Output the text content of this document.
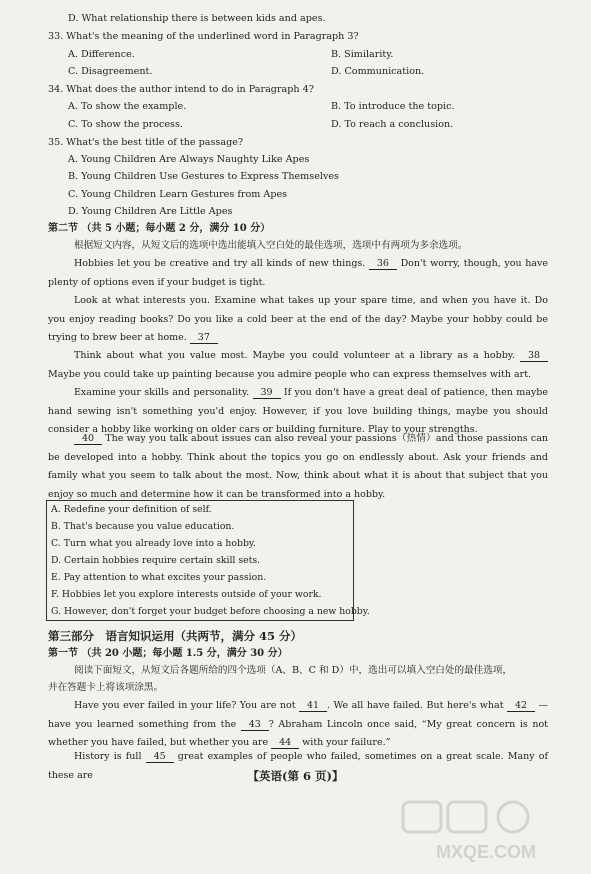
D. What relationship there is between kids and apes.
33. What's the meaning of the underlined word in Paragraph 3?
A. Difference.	B. Similarity.
C. Disagreement.	D. Communication.
34. What does the author intend to do in Paragraph 4?
A. To show the example.	B. To introduce the topic.
C. To show the process.	D. To reach a conclusion.
35. What's the best title of the passage?
A. Young Children Are Always Naughty Like Apes
B. Young Children Use Gestures to Express Themselves
C. Young Children Learn Gestures from Apes
D. Young Children Are Little Apes
第二节 （共 5 小题；每小题 2 分，满分 10 分）
根据短文内容，从短文后的选项中选出能填入空白处的最佳选项，选项中有两项为多余选项。
Hobbies let you be creative and try all kinds of new things. 36 Don't worry, though, you have plenty of options even if your budget is tight.
Look at what interests you. Examine what takes up your spare time, and when you have it. Do you enjoy reading books? Do you like a cold beer at the end of the day? Maybe your hobby could be trying to brew beer at home. 37
Think about what you value most. Maybe you could volunteer at a library as a hobby. 38 Maybe you could take up painting because you admire people who can express themselves with art.
Examine your skills and personality. 39 If you don't have a great deal of patience, then maybe hand sewing isn't something you'd enjoy. However, if you love building things, maybe you should consider a hobby like working on older cars or building furniture. Play to your strengths.
40 The way you talk about issues can also reveal your passions（热情）and those passions can be developed into a hobby. Think about the topics you go on endlessly about. Ask your friends and family what you seem to talk about the most. Now, think about what it is about that subject that you enjoy so much and determine how it can be transformed into a hobby.
A. Redefine your definition of self.
B. That's because you value education.
C. Turn what you already love into a hobby.
D. Certain hobbies require certain skill sets.
E. Pay attention to what excites your passion.
F. Hobbies let you explore interests outside of your work.
G. However, don't forget your budget before choosing a new hobby.
第三部分　语言知识运用（共两节，满分 45 分）
第一节 （共 20 小题；每小题 1.5 分，满分 30 分）
阅读下面短文，从短文后各题所给的四个选项（A、B、C 和 D）中，选出可以填入空白处的最佳选项，
并在答题卡上将该项涂黑。
Have you ever failed in your life? You are not 41 . We all have failed. But here's what 42 —have you learned something from the 43 ? Abraham Lincoln once said, “My great concern is not whether you have failed, but whether you are 44 with your failure.”
History is full 45 great examples of people who failed, sometimes on a great scale. Many of these are	【英语(第 6 页)】
MXQE.COM
